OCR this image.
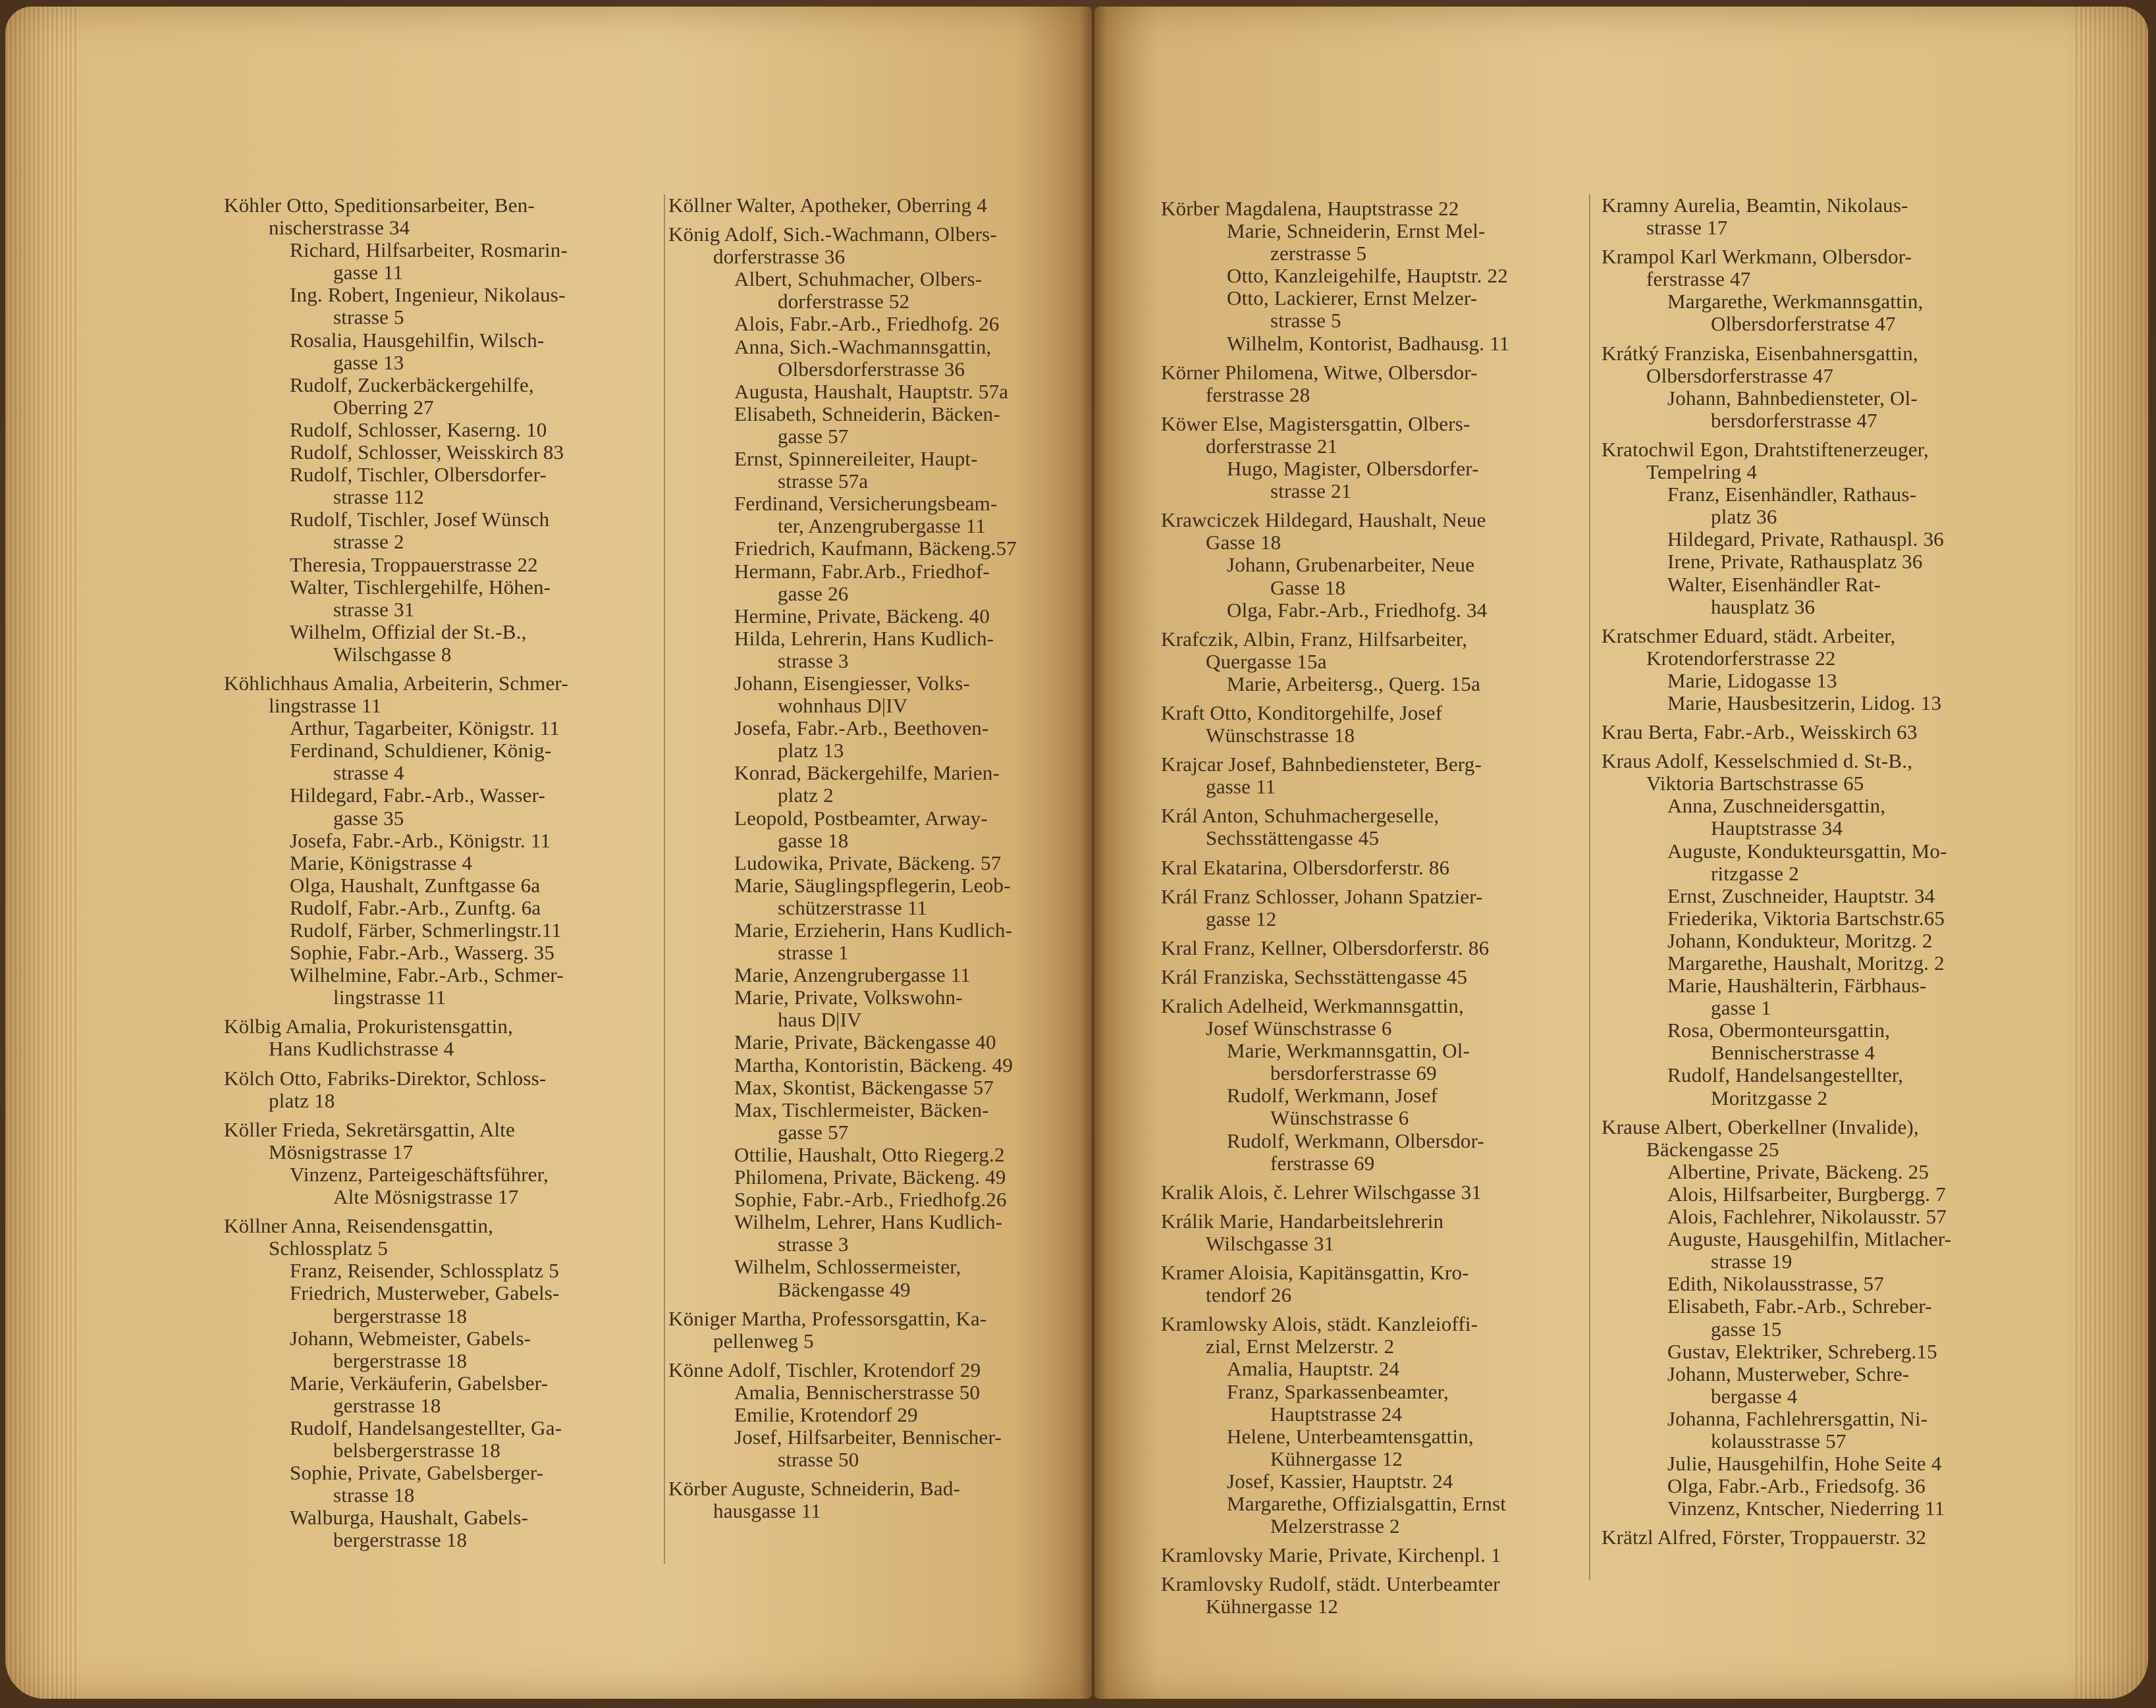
Köhler Otto, Speditionsarbeiter, Ben-
nischerstrasse 34
Richard, Hilfsarbeiter, Rosmarin-
gasse 11
Ing. Robert, Ingenieur, Nikolaus-
strasse 5
Rosalia, Hausgehilfin, Wilsch-
gasse 13
Rudolf, Zuckerbäckergehilfe,
Oberring 27
Rudolf, Schlosser, Kaserng. 10
Rudolf, Schlosser, Weisskirch 83
Rudolf, Tischler, Olbersdorfer-
strasse 112
Rudolf, Tischler, Josef Wünsch
strasse 2
Theresia, Troppauerstrasse 22
Walter, Tischlergehilfe, Höhen-
strasse 31
Wilhelm, Offizial der St.-B.,
Wilschgasse 8
Köhlichhaus Amalia, Arbeiterin, Schmer-
lingstrasse 11
Arthur, Tagarbeiter, Königstr. 11
Ferdinand, Schuldiener, König-
strasse 4
Hildegard, Fabr.-Arb., Wasser-
gasse 35
Josefa, Fabr.-Arb., Königstr. 11
Marie, Königstrasse 4
Olga, Haushalt, Zunftgasse 6a
Rudolf, Fabr.-Arb., Zunftg. 6a
Rudolf, Färber, Schmerlingstr.11
Sophie, Fabr.-Arb., Wasserg. 35
Wilhelmine, Fabr.-Arb., Schmer-
lingstrasse 11
Kölbig Amalia, Prokuristensgattin,
Hans Kudlichstrasse 4
Kölch Otto, Fabriks-Direktor, Schloss-
platz 18
Köller Frieda, Sekretärsgattin, Alte
Mösnigstrasse 17
Vinzenz, Parteigeschäftsführer,
Alte Mösnigstrasse 17
Köllner Anna, Reisendensgattin,
Schlossplatz 5
Franz, Reisender, Schlossplatz 5
Friedrich, Musterweber, Gabels-
bergerstrasse 18
Johann, Webmeister, Gabels-
bergerstrasse 18
Marie, Verkäuferin, Gabelsber-
gerstrasse 18
Rudolf, Handelsangestellter, Ga-
belsbergerstrasse 18
Sophie, Private, Gabelsberger-
strasse 18
Walburga, Haushalt, Gabels-
bergerstrasse 18
Köllner Walter, Apotheker, Oberring 4
König Adolf, Sich.-Wachmann, Olbers-
dorferstrasse 36
Albert, Schuhmacher, Olbers-
dorferstrasse 52
Alois, Fabr.-Arb., Friedhofg. 26
Anna, Sich.-Wachmannsgattin,
Olbersdorferstrasse 36
Augusta, Haushalt, Hauptstr. 57a
Elisabeth, Schneiderin, Bäcken-
gasse 57
Ernst, Spinnereileiter, Haupt-
strasse 57a
Ferdinand, Versicherungsbeam-
ter, Anzengrubergasse 11
Friedrich, Kaufmann, Bäckeng.57
Hermann, Fabr.Arb., Friedhof-
gasse 26
Hermine, Private, Bäckeng. 40
Hilda, Lehrerin, Hans Kudlich-
strasse 3
Johann, Eisengiesser, Volks-
wohnhaus D|IV
Josefa, Fabr.-Arb., Beethoven-
platz 13
Konrad, Bäckergehilfe, Marien-
platz 2
Leopold, Postbeamter, Arway-
gasse 18
Ludowika, Private, Bäckeng. 57
Marie, Säuglingspflegerin, Leob-
schützerstrasse 11
Marie, Erzieherin, Hans Kudlich-
strasse 1
Marie, Anzengrubergasse 11
Marie, Private, Volkswohn-
haus D|IV
Marie, Private, Bäckengasse 40
Martha, Kontoristin, Bäckeng. 49
Max, Skontist, Bäckengasse 57
Max, Tischlermeister, Bäcken-
gasse 57
Ottilie, Haushalt, Otto Riegerg.2
Philomena, Private, Bäckeng. 49
Sophie, Fabr.-Arb., Friedhofg.26
Wilhelm, Lehrer, Hans Kudlich-
strasse 3
Wilhelm, Schlossermeister,
Bäckengasse 49
Königer Martha, Professorsgattin, Ka-
pellenweg 5
Könne Adolf, Tischler, Krotendorf 29
Amalia, Bennischerstrasse 50
Emilie, Krotendorf 29
Josef, Hilfsarbeiter, Bennischer-
strasse 50
Körber Auguste, Schneiderin, Bad-
hausgasse 11
Körber Magdalena, Hauptstrasse 22
Marie, Schneiderin, Ernst Mel-
zerstrasse 5
Otto, Kanzleigehilfe, Hauptstr. 22
Otto, Lackierer, Ernst Melzer-
strasse 5
Wilhelm, Kontorist, Badhausg. 11
Körner Philomena, Witwe, Olbersdor-
ferstrasse 28
Köwer Else, Magistersgattin, Olbers-
dorferstrasse 21
Hugo, Magister, Olbersdorfer-
strasse 21
Krawciczek Hildegard, Haushalt, Neue
Gasse 18
Johann, Grubenarbeiter, Neue
Gasse 18
Olga, Fabr.-Arb., Friedhofg. 34
Krafczik, Albin, Franz, Hilfsarbeiter,
Quergasse 15a
Marie, Arbeitersg., Querg. 15a
Kraft Otto, Konditorgehilfe, Josef
Wünschstrasse 18
Krajcar Josef, Bahnbediensteter, Berg-
gasse 11
Král Anton, Schuhmachergeselle,
Sechsstättengasse 45
Kral Ekatarina, Olbersdorferstr. 86
Král Franz Schlosser, Johann Spatzier-
gasse 12
Kral Franz, Kellner, Olbersdorferstr. 86
Král Franziska, Sechsstättengasse 45
Kralich Adelheid, Werkmannsgattin,
Josef Wünschstrasse 6
Marie, Werkmannsgattin, Ol-
bersdorferstrasse 69
Rudolf, Werkmann, Josef
Wünschstrasse 6
Rudolf, Werkmann, Olbersdor-
ferstrasse 69
Kralik Alois, č. Lehrer Wilschgasse 31
Králik Marie, Handarbeitslehrerin
Wilschgasse 31
Kramer Aloisia, Kapitänsgattin, Kro-
tendorf 26
Kramlowsky Alois, städt. Kanzleioffi-
zial, Ernst Melzerstr. 2
Amalia, Hauptstr. 24
Franz, Sparkassenbeamter,
Hauptstrasse 24
Helene, Unterbeamtensgattin,
Kühnergasse 12
Josef, Kassier, Hauptstr. 24
Margarethe, Offizialsgattin, Ernst
Melzerstrasse 2
Kramlovsky Marie, Private, Kirchenpl. 1
Kramlovsky Rudolf, städt. Unterbeamter
Kühnergasse 12
Kramny Aurelia, Beamtin, Nikolaus-
strasse 17
Krampol Karl Werkmann, Olbersdor-
ferstrasse 47
Margarethe, Werkmannsgattin,
Olbersdorferstratse 47
Krátký Franziska, Eisenbahnersgattin,
Olbersdorferstrasse 47
Johann, Bahnbediensteter, Ol-
bersdorferstrasse 47
Kratochwil Egon, Drahtstiftenerzeuger,
Tempelring 4
Franz, Eisenhändler, Rathaus-
platz 36
Hildegard, Private, Rathauspl. 36
Irene, Private, Rathausplatz 36
Walter, Eisenhändler Rat-
hausplatz 36
Kratschmer Eduard, städt. Arbeiter,
Krotendorferstrasse 22
Marie, Lidogasse 13
Marie, Hausbesitzerin, Lidog. 13
Krau Berta, Fabr.-Arb., Weisskirch 63
Kraus Adolf, Kesselschmied d. St-B.,
Viktoria Bartschstrasse 65
Anna, Zuschneidersgattin,
Hauptstrasse 34
Auguste, Kondukteursgattin, Mo-
ritzgasse 2
Ernst, Zuschneider, Hauptstr. 34
Friederika, Viktoria Bartschstr.65
Johann, Kondukteur, Moritzg. 2
Margarethe, Haushalt, Moritzg. 2
Marie, Haushälterin, Färbhaus-
gasse 1
Rosa, Obermonteursgattin,
Bennischerstrasse 4
Rudolf, Handelsangestellter,
Moritzgasse 2
Krause Albert, Oberkellner (Invalide),
Bäckengasse 25
Albertine, Private, Bäckeng. 25
Alois, Hilfsarbeiter, Burgbergg. 7
Alois, Fachlehrer, Nikolausstr. 57
Auguste, Hausgehilfin, Mitlacher-
strasse 19
Edith, Nikolausstrasse, 57
Elisabeth, Fabr.-Arb., Schreber-
gasse 15
Gustav, Elektriker, Schreberg.15
Johann, Musterweber, Schre-
bergasse 4
Johanna, Fachlehrersgattin, Ni-
kolausstrasse 57
Julie, Hausgehilfin, Hohe Seite 4
Olga, Fabr.-Arb., Friedsofg. 36
Vinzenz, Kntscher, Niederring 11
Krätzl Alfred, Förster, Troppauerstr. 32
